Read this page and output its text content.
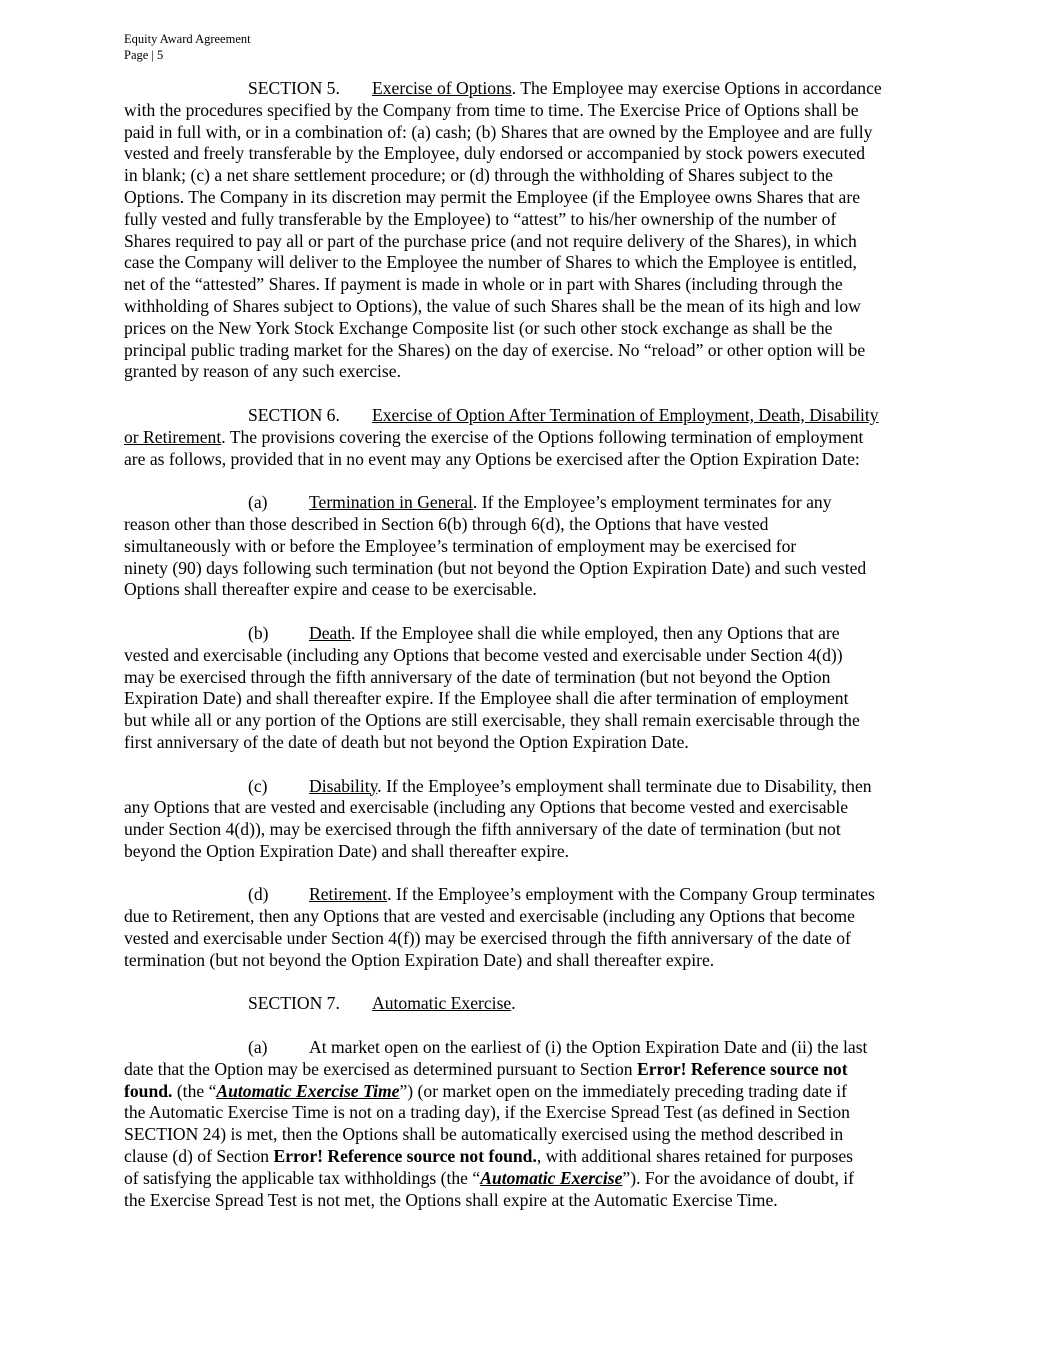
Equity Award Agreement
Page | 5
SECTION 5. Exercise of Options. The Employee may exercise Options in accordance
with the procedures specified by the Company from time to time. The Exercise Price of Options shall be
paid in full with, or in a combination of: (a) cash; (b) Shares that are owned by the Employee and are fully
vested and freely transferable by the Employee, duly endorsed or accompanied by stock powers executed
in blank; (c) a net share settlement procedure; or (d) through the withholding of Shares subject to the
Options. The Company in its discretion may permit the Employee (if the Employee owns Shares that are
fully vested and fully transferable by the Employee) to “attest” to his/her ownership of the number of
Shares required to pay all or part of the purchase price (and not require delivery of the Shares), in which
case the Company will deliver to the Employee the number of Shares to which the Employee is entitled,
net of the “attested” Shares. If payment is made in whole or in part with Shares (including through the
withholding of Shares subject to Options), the value of such Shares shall be the mean of its high and low
prices on the New York Stock Exchange Composite list (or such other stock exchange as shall be the
principal public trading market for the Shares) on the day of exercise. No “reload” or other option will be
granted by reason of any such exercise.
SECTION 6. Exercise of Option After Termination of Employment, Death, Disability
or Retirement. The provisions covering the exercise of the Options following termination of employment
are as follows, provided that in no event may any Options be exercised after the Option Expiration Date:
(a) Termination in General. If the Employee’s employment terminates for any
reason other than those described in Section 6(b) through 6(d), the Options that have vested
simultaneously with or before the Employee’s termination of employment may be exercised for
ninety (90) days following such termination (but not beyond the Option Expiration Date) and such vested
Options shall thereafter expire and cease to be exercisable.
(b) Death. If the Employee shall die while employed, then any Options that are
vested and exercisable (including any Options that become vested and exercisable under Section 4(d))
may be exercised through the fifth anniversary of the date of termination (but not beyond the Option
Expiration Date) and shall thereafter expire. If the Employee shall die after termination of employment
but while all or any portion of the Options are still exercisable, they shall remain exercisable through the
first anniversary of the date of death but not beyond the Option Expiration Date.
(c) Disability. If the Employee’s employment shall terminate due to Disability, then
any Options that are vested and exercisable (including any Options that become vested and exercisable
under Section 4(d)), may be exercised through the fifth anniversary of the date of termination (but not
beyond the Option Expiration Date) and shall thereafter expire.
(d) Retirement. If the Employee’s employment with the Company Group terminates
due to Retirement, then any Options that are vested and exercisable (including any Options that become
vested and exercisable under Section 4(f)) may be exercised through the fifth anniversary of the date of
termination (but not beyond the Option Expiration Date) and shall thereafter expire.
SECTION 7. Automatic Exercise.
(a) At market open on the earliest of (i) the Option Expiration Date and (ii) the last
date that the Option may be exercised as determined pursuant to Section Error! Reference source not
found. (the “Automatic Exercise Time”) (or market open on the immediately preceding trading date if
the Automatic Exercise Time is not on a trading day), if the Exercise Spread Test (as defined in Section
SECTION 24) is met, then the Options shall be automatically exercised using the method described in
clause (d) of Section Error! Reference source not found., with additional shares retained for purposes
of satisfying the applicable tax withholdings (the “Automatic Exercise”). For the avoidance of doubt, if
the Exercise Spread Test is not met, the Options shall expire at the Automatic Exercise Time.
